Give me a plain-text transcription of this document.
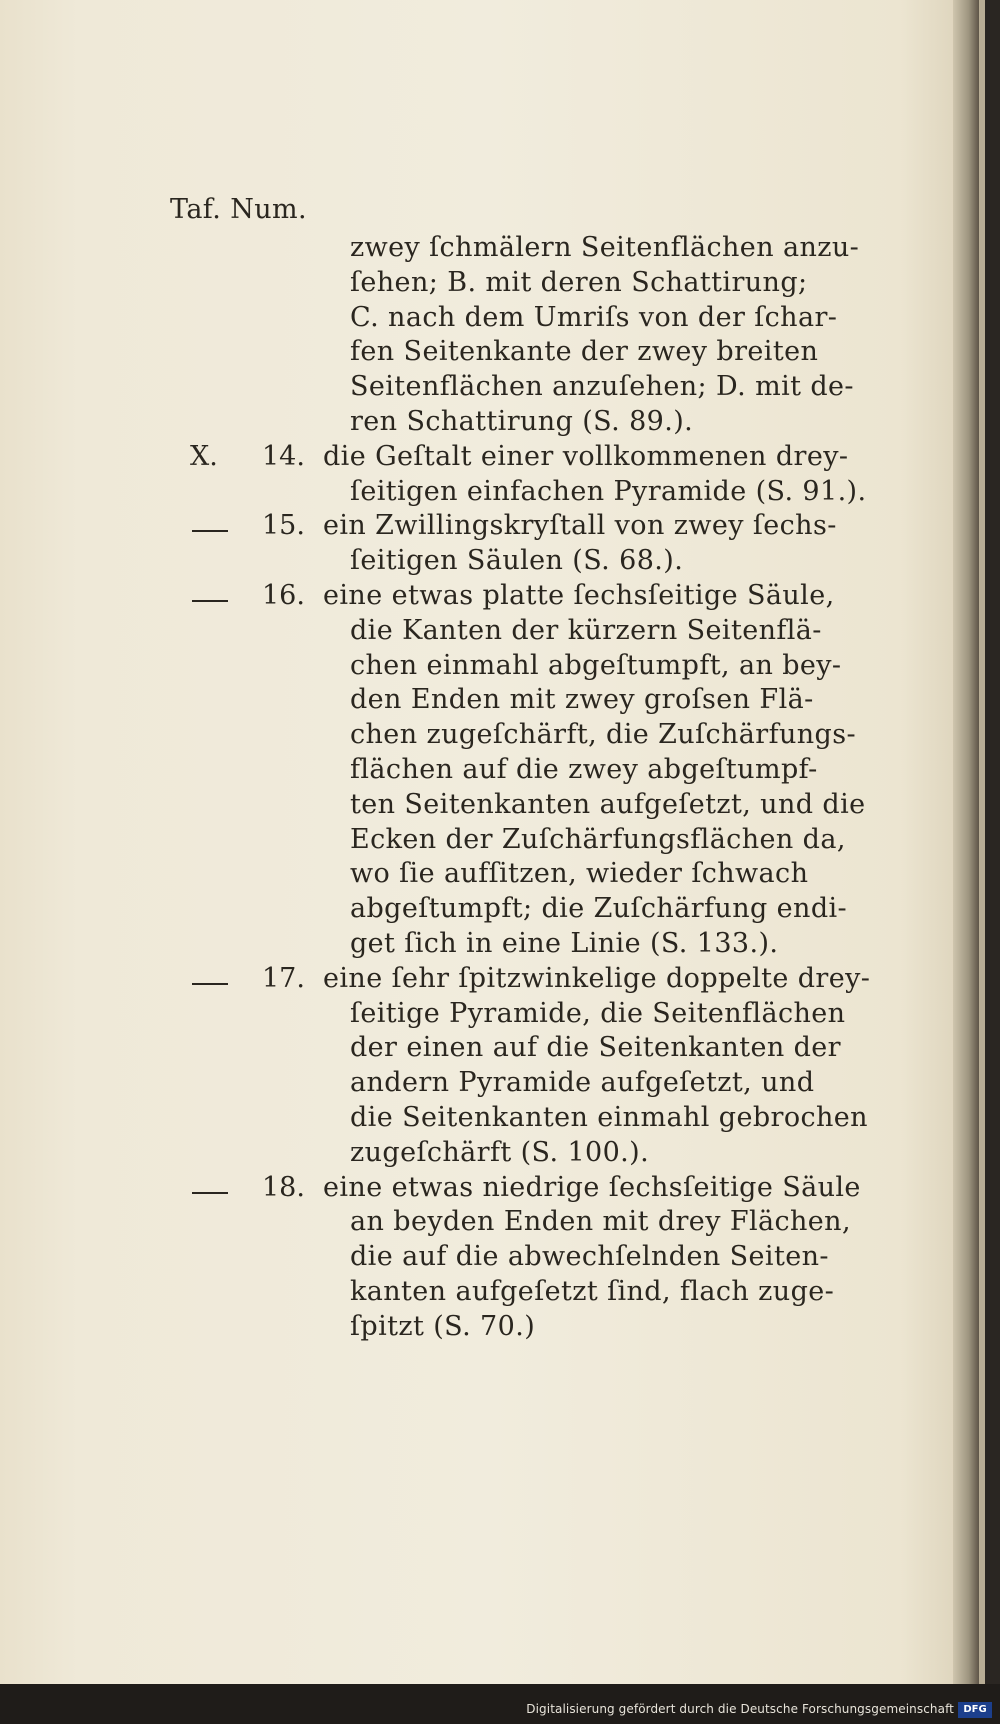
Taf. Num.
zwey ſchmälern Seitenflächen anzu-
ſehen; B. mit deren Schattirung;
C. nach dem Umriſs von der ſchar-
fen Seitenkante der zwey breiten
Seitenflächen anzuſehen; D. mit de-
ren Schattirung (S. 89.).
die Geſtalt einer vollkommenen drey-
X. 14.
ſeitigen einfachen Pyramide (S. 91.).
ein Zwillingskryſtall von zwey ſechs-
15.
ſeitigen Säulen (S. 68.).
eine etwas platte ſechsſeitige Säule,
16.
die Kanten der kürzern Seitenflä-
chen einmahl abgeſtumpft, an bey-
den Enden mit zwey groſsen Flä-
chen zugeſchärft, die Zuſchärfungs-
flächen auf die zwey abgeſtumpf-
ten Seitenkanten aufgeſetzt, und die
Ecken der Zuſchärfungsflächen da,
wo ſie aufſitzen, wieder ſchwach
abgeſtumpft; die Zuſchärfung endi-
get ſich in eine Linie (S. 133.).
eine ſehr ſpitzwinkelige doppelte drey-
17.
ſeitige Pyramide, die Seitenflächen
der einen auf die Seitenkanten der
andern Pyramide aufgeſetzt, und
die Seitenkanten einmahl gebrochen
zugeſchärft (S. 100.).
eine etwas niedrige ſechsſeitige Säule
18.
an beyden Enden mit drey Flächen,
die auf die abwechſelnden Seiten-
kanten aufgeſetzt ſind, flach zuge-
ſpitzt (S. 70.)
Digitalisierung gefördert durch die Deutsche Forschungsgemeinschaft DFG
